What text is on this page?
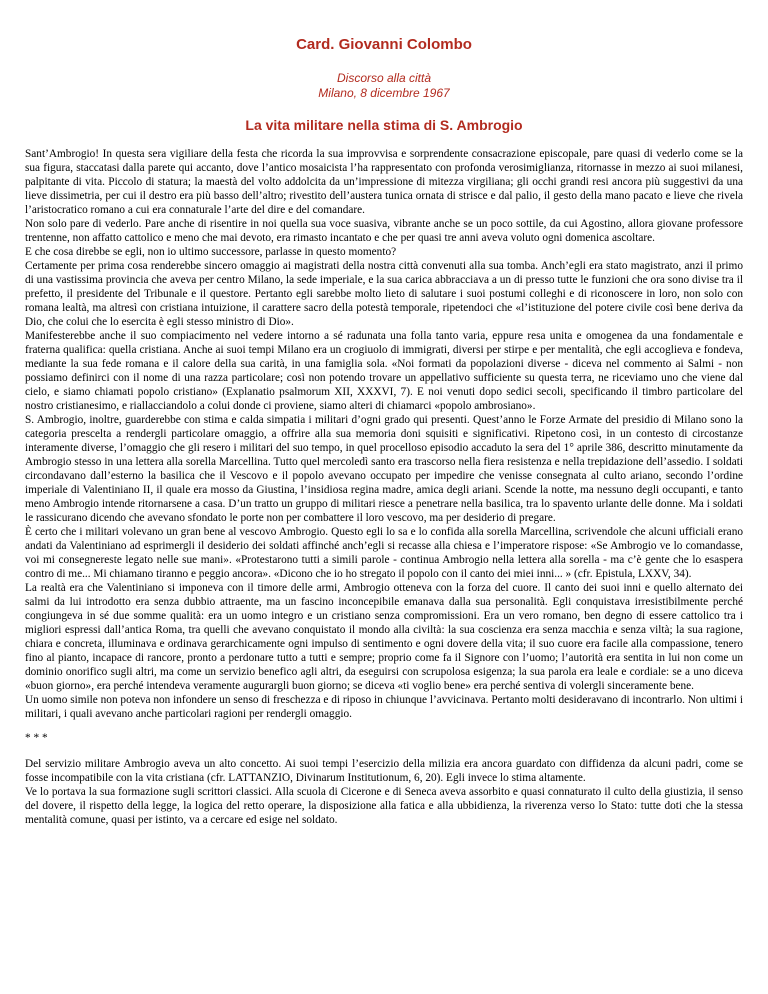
Card. Giovanni Colombo

Discorso alla città

Milano, 8 dicembre 1967

La vita militare nella stima di S. Ambrogio

Sant’Ambrogio! In questa sera vigiliare della festa che ricorda la sua improvvisa e sorprendente consacrazione episcopale, pare quasi di vederlo come se la sua figura, staccatasi dalla parete qui accanto, dove l’antico mosaicista l’ha rappresentato con profonda verosimiglianza, ritornasse in mezzo ai suoi milanesi, palpitante di vita. Piccolo di statura; la maestà del volto addolcita da un’impressione di mitezza virgiliana; gli occhi grandi resi ancora più suggestivi da una lieve dissimetria, per cui il destro era più basso dell’altro; rivestito dell’austera tunica ornata di strisce e dal palio, il gesto della mano pacato e lieve che rivela l’aristocratico romano a cui era connaturale l’arte del dire e del comandare.

Non solo pare di vederlo. Pare anche di risentire in noi quella sua voce suasiva, vibrante anche se un poco sottile, da cui Agostino, allora giovane professore trentenne, non affatto cattolico e meno che mai devoto, era rimasto incantato e che per quasi tre anni aveva voluto ogni domenica ascoltare.

E che cosa direbbe se egli, non io ultimo successore, parlasse in questo momento?

Certamente per prima cosa renderebbe sincero omaggio ai magistrati della nostra città convenuti alla sua tomba. Anch’egli era stato magistrato, anzi il primo di una vastissima provincia che aveva per centro Milano, la sede imperiale, e la sua carica abbracciava a un di presso tutte le funzioni che ora sono divise tra il prefetto, il presidente del Tribunale e il questore. Pertanto egli sarebbe molto lieto di salutare i suoi postumi colleghi e di riconoscere in loro, non solo con romana lealtà, ma altresì con cristiana intuizione, il carattere sacro della potestà temporale, ripetendoci che «l’istituzione del potere civile così bene deriva da Dio, che colui che lo esercita è egli stesso ministro di Dio».

Manifesterebbe anche il suo compiacimento nel vedere intorno a sé radunata una folla tanto varia, eppure resa unita e omogenea da una fondamentale e fraterna qualifica: quella cristiana. Anche ai suoi tempi Milano era un crogiuolo di immigrati, diversi per stirpe e per mentalità, che egli accoglieva e fondeva, mediante la sua fede romana e il calore della sua carità, in una famiglia sola. «Noi formati da popolazioni diverse - diceva nel commento ai Salmi - non possiamo definirci con il nome di una razza particolare; così non potendo trovare un appellativo sufficiente su questa terra, ne riceviamo uno che viene dal cielo, e siamo chiamati popolo cristiano» (Explanatio psalmorum XII, XXXVI, 7). E noi venuti dopo sedici secoli, specificando il timbro particolare del nostro cristianesimo, e riallacciandolo a colui donde ci proviene, siamo alteri di chiamarci «popolo ambrosiano».

S. Ambrogio, inoltre, guarderebbe con stima e calda simpatia i militari d’ogni grado qui presenti. Quest’anno le Forze Armate del presidio di Milano sono la categoria prescelta a rendergli particolare omaggio, a offrire alla sua memoria doni squisiti e significativi. Ripetono così, in un contesto di circostanze interamente diverse, l’omaggio che gli resero i militari del suo tempo, in quel procelloso episodio accaduto la sera del 1° aprile 386, descritto minutamente da Ambrogio stesso in una lettera alla sorella Marcellina. Tutto quel mercoledì santo era trascorso nella fiera resistenza e nella trepidazione dell’assedio. I soldati circondavano dall’esterno la basilica che il Vescovo e il popolo avevano occupato per impedire che venisse consegnata al culto ariano, secondo l’ordine imperiale di Valentiniano II, il quale era mosso da Giustina, l’insidiosa regina madre, amica degli ariani. Scende la notte, ma nessuno degli occupanti, e tanto meno Ambrogio intende ritornarsene a casa. D’un tratto un gruppo di militari riesce a penetrare nella basilica, tra lo spavento urlante delle donne. Ma i soldati le rassicurano dicendo che avevano sfondato le porte non per combattere il loro vescovo, ma per desiderio di pregare.

È certo che i militari volevano un gran bene al vescovo Ambrogio. Questo egli lo sa e lo confida alla sorella Marcellina, scrivendole che alcuni ufficiali erano andati da Valentiniano ad esprimergli il desiderio dei soldati affinché anch’egli si recasse alla chiesa e l’imperatore rispose: «Se Ambrogio ve lo comandasse, voi mi consegnereste legato nelle sue mani». «Protestarono tutti a simili parole - continua Ambrogio nella lettera alla sorella - ma c’è gente che lo esaspera contro di me... Mi chiamano tiranno e peggio ancora». «Dicono che io ho stregato il popolo con il canto dei miei inni... » (cfr. Epistula, LXXV, 34).

La realtà era che Valentiniano si imponeva con il timore delle armi, Ambrogio otteneva con la forza del cuore. Il canto dei suoi inni e quello alternato dei salmi da lui introdotto era senza dubbio attraente, ma un fascino inconcepibile emanava dalla sua personalità. Egli conquistava irresistibilmente perché congiungeva in sé due somme qualità: era un uomo integro e un cristiano senza compromissioni. Era un vero romano, ben degno di essere cattolico tra i migliori espressi dall’antica Roma, tra quelli che avevano conquistato il mondo alla civiltà: la sua coscienza era senza macchia e senza viltà; la sua ragione, chiara e concreta, illuminava e ordinava gerarchicamente ogni impulso di sentimento e ogni dovere della vita; il suo cuore era facile alla compassione, tenero fino al pianto, incapace di rancore, pronto a perdonare tutto a tutti e sempre; proprio come fa il Signore con l’uomo; l’autorità era sentita in lui non come un dominio onorifico sugli altri, ma come un servizio benefico agli altri, da eseguirsi con scrupolosa esigenza; la sua parola era leale e cordiale: se a uno diceva «buon giorno», era perché intendeva veramente augurargli buon giorno; se diceva «ti voglio bene» era perché sentiva di volergli sinceramente bene.

Un uomo simile non poteva non infondere un senso di freschezza e di riposo in chiunque l’avvicinava. Pertanto molti desideravano di incontrarlo. Non ultimi i militari, i quali avevano anche particolari ragioni per rendergli omaggio.

* * *

Del servizio militare Ambrogio aveva un alto concetto. Ai suoi tempi l’esercizio della milizia era ancora guardato con diffidenza da alcuni padri, come se fosse incompatibile con la vita cristiana (cfr. LATTANZIO, Divinarum Institutionum, 6, 20). Egli invece lo stima altamente.

Ve lo portava la sua formazione sugli scrittori classici. Alla scuola di Cicerone e di Seneca aveva assorbito e quasi connaturato il culto della giustizia, il senso del dovere, il rispetto della legge, la logica del retto operare, la disposizione alla fatica e alla ubbidienza, la riverenza verso lo Stato: tutte doti che la stessa mentalità comune, quasi per istinto, va a cercare ed esige nel soldato.
